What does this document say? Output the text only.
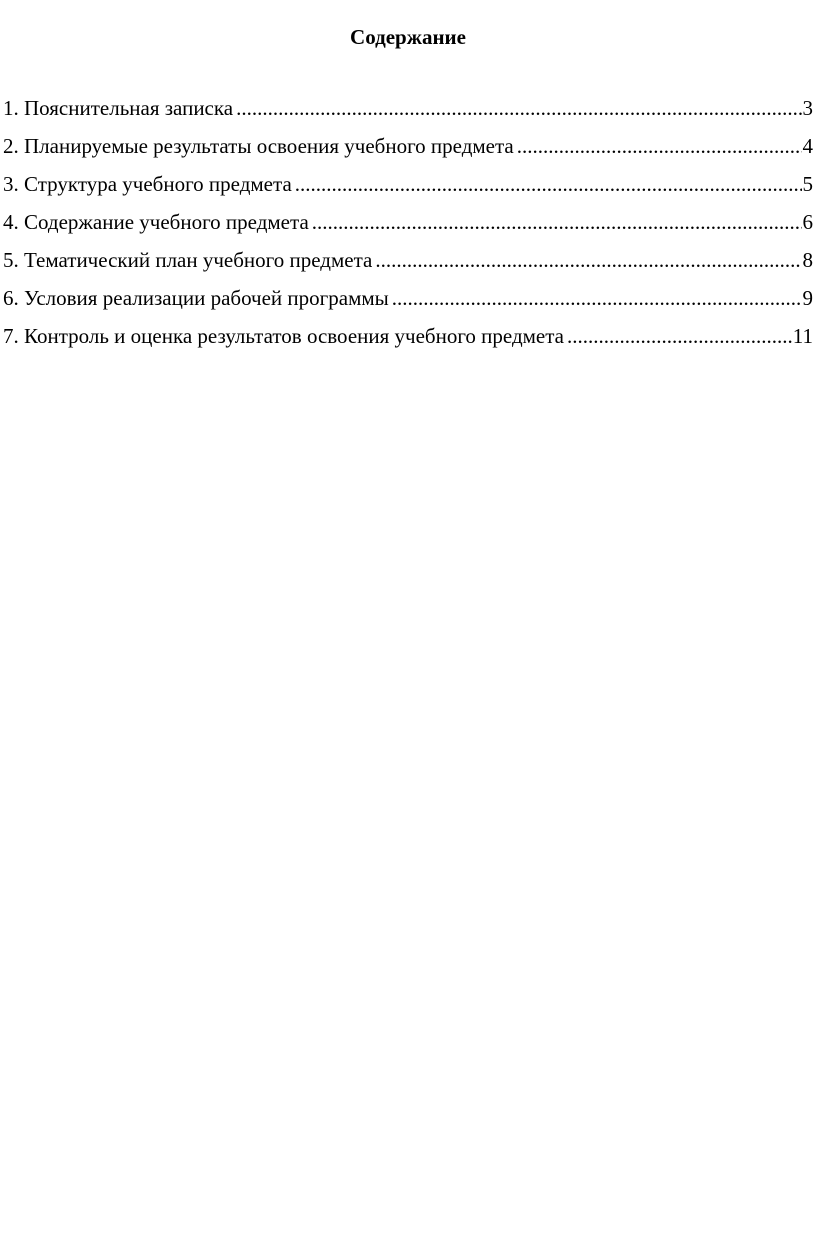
Содержание
1. Пояснительная записка .....	3
2. Планируемые результаты освоения учебного предмета .....	4
3. Структура учебного предмета .....	5
4. Содержание учебного предмета .....	6
5. Тематический план учебного предмета .....	8
6. Условия реализации рабочей программы .....	9
7. Контроль и оценка результатов освоения учебного предмета .....	11
